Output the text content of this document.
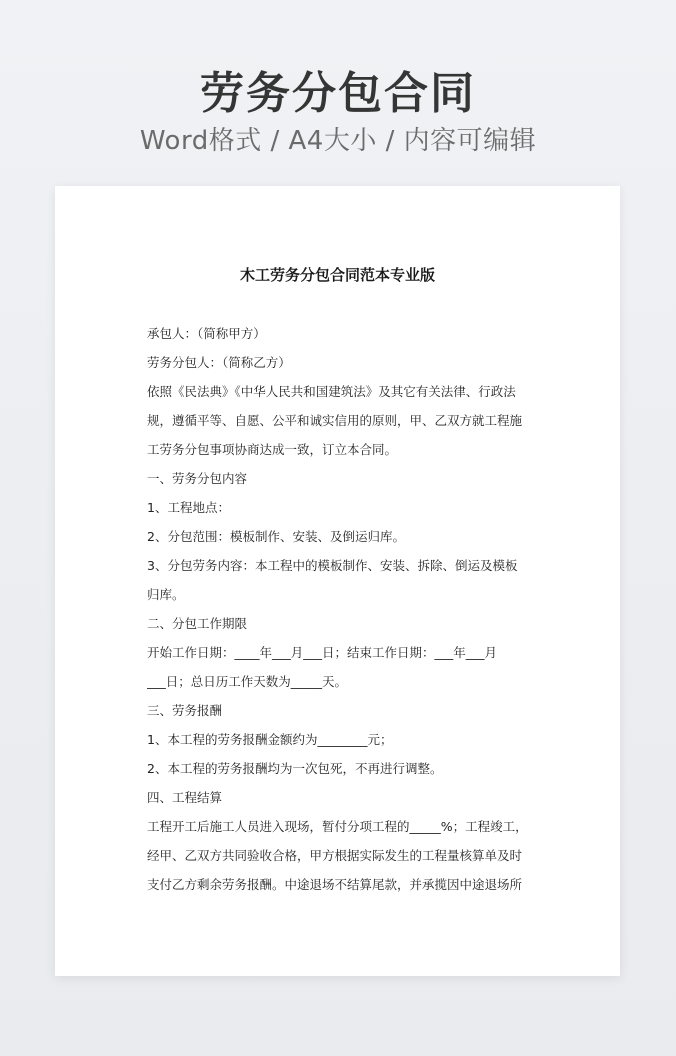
劳务分包合同
Word格式 / A4大小 / 内容可编辑
木工劳务分包合同范本专业版
承包人：（简称甲方）
劳务分包人：（简称乙方）
依照《民法典》《中华人民共和国建筑法》及其它有关法律、行政法
规，遵循平等、自愿、公平和诚实信用的原则，甲、乙双方就工程施
工劳务分包事项协商达成一致，订立本合同。
一、劳务分包内容
1、工程地点：
2、分包范围：模板制作、安装、及倒运归库。
3、分包劳务内容：本工程中的模板制作、安装、拆除、倒运及模板
归库。
二、分包工作期限
开始工作日期：____年___月___日；结束工作日期：___年___月
___日；总日历工作天数为_____天。
三、劳务报酬
1、本工程的劳务报酬金额约为________元；
2、本工程的劳务报酬均为一次包死，不再进行调整。
四、工程结算
工程开工后施工人员进入现场，暂付分项工程的_____%；工程竣工，
经甲、乙双方共同验收合格，甲方根据实际发生的工程量核算单及时
支付乙方剩余劳务报酬。中途退场不结算尾款，并承揽因中途退场所
